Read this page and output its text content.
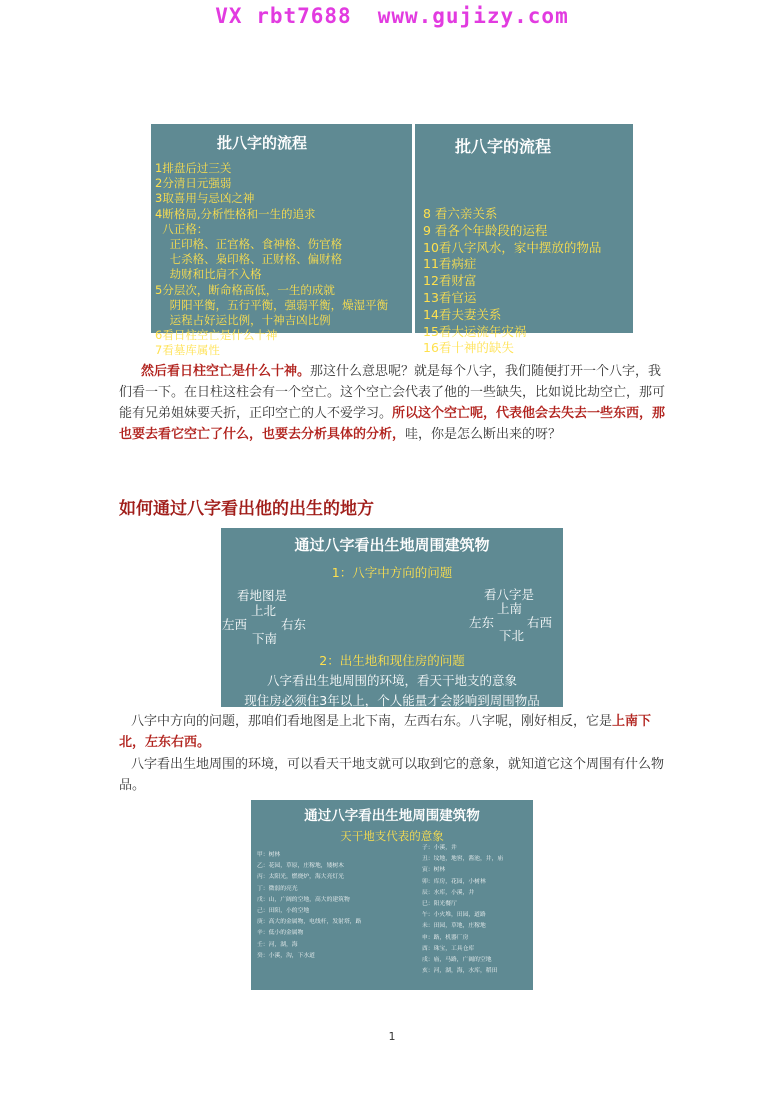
VX rbt7688 www.gujizy.com
批八字的流程
1排盘后过三关
2分清日元强弱
3取喜用与忌凶之神
4断格局,分析性格和一生的追求
八正格：
正印格、正官格、食神格、伤官格
七杀格、枭印格、正财格、偏财格
劫财和比肩不入格
5分层次，断命格高低，一生的成就
阴阳平衡，五行平衡，强弱平衡，燥湿平衡
运程占好运比例，十神吉凶比例
6看日柱空亡是什么十神
7看墓库属性
批八字的流程
8 看六亲关系
9 看各个年龄段的运程
10看八字风水，家中摆放的物品
11看病症
12看财富
13看官运
14看夫妻关系
15看大运流年灾祸
16看十神的缺失
然后看日柱空亡是什么十神。那这什么意思呢？就是每个八字，我们随便打开一个八字，我们看一下。在日柱这柱会有一个空亡。这个空亡会代表了他的一些缺失，比如说比劫空亡，那可能有兄弟姐妹要夭折，正印空亡的人不爱学习。所以这个空亡呢，代表他会去失去一些东西，那也要去看它空亡了什么，也要去分析具体的分析，哇，你是怎么断出来的呀？
如何通过八字看出他的出生的地方
通过八字看出生地周围建筑物
1：八字中方向的问题
看地图是
上北
左西	右东
下南
看八字是
上南
左东	右西
下北
2：出生地和现住房的问题
八字看出生地周围的环境，看天干地支的意象
现住房必须住3年以上，个人能量才会影响到周围物品
八字中方向的问题，那咱们看地图是上北下南，左西右东。八字呢，刚好相反，它是上南下北，左东右西。
八字看出生地周围的环境，可以看天干地支就可以取到它的意象，就知道它这个周围有什么物品。
通过八字看出生地周围建筑物
天干地支代表的意象
甲：树林
乙：花园，草原，庄稼地，矮树木
丙：太阳光，燃烧炉，海大亮灯光
丁：微弱的亮光
戊：山，广阔的空地，高大的建筑物
己：田阳，小的空地
庚：高大的金属物，电线杆，发射塔，路
辛：低小的金属物
壬：河，湖，海
癸：小溪，沟，下水道
子：小溪，井
丑：坟地，地窖，酱池，井，庙
寅：树林
卯：库房，花园，小树林
辰：水库，小溪，井
巳：阳光餐厅
午：小火堆，田园，道路
未：田园，草地，庄稼地
申：路，机器厂房
酉：珠宝，工具仓库
戌：庙，马路，广阔的空地
亥：河，湖，海，水库，稻田
1
